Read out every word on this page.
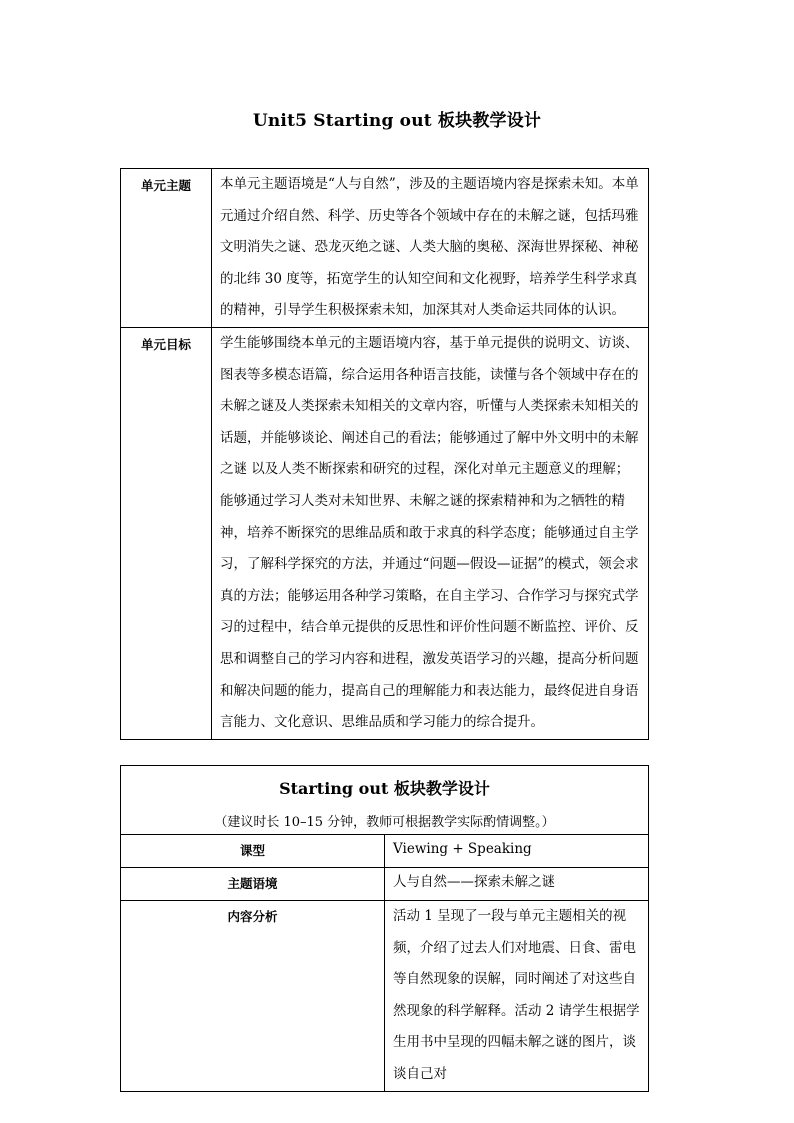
Unit5 Starting out 板块教学设计
单元主题	本单元主题语境是“人与自然”，涉及的主题语境内容是探索未知。本单元通过介绍自然、科学、历史等各个领域中存在的未解之谜，包括玛雅文明消失之谜、恐龙灭绝之谜、人类大脑的奥秘、深海世界探秘、神秘的北纬 30 度等，拓宽学生的认知空间和文化视野，培养学生科学求真的精神，引导学生积极探索未知，加深其对人类命运共同体的认识。
单元目标	学生能够围绕本单元的主题语境内容，基于单元提供的说明文、访谈、图表等多模态语篇，综合运用各种语言技能，读懂与各个领域中存在的未解之谜及人类探索未知相关的文章内容，听懂与人类探索未知相关的话题，并能够谈论、阐述自己的看法；能够通过了解中外文明中的未解之谜 以及人类不断探索和研究的过程，深化对单元主题意义的理解；能够通过学习人类对未知世界、未解之谜的探索精神和为之牺牲的精神，培养不断探究的思维品质和敢于求真的科学态度；能够通过自主学习，了解科学探究的方法，并通过“问题—假设—证据”的模式，领会求真的方法；能够运用各种学习策略，在自主学习、合作学习与探究式学习的过程中，结合单元提供的反思性和评价性问题不断监控、评价、反思和调整自己的学习内容和进程，激发英语学习的兴趣，提高分析问题和解决问题的能力，提高自己的理解能力和表达能力，最终促进自身语言能力、文化意识、思维品质和学习能力的综合提升。
Starting out 板块教学设计
（建议时长 10–15 分钟，教师可根据教学实际酌情调整。）	

课型	Viewing + Speaking
主题语境	人与自然——探索未解之谜
内容分析	活动 1 呈现了一段与单元主题相关的视频，介绍了过去人们对地震、日食、雷电等自然现象的误解，同时阐述了对这些自然现象的科学解释。活动 2 请学生根据学生用书中呈现的四幅未解之谜的图片，谈谈自己对
